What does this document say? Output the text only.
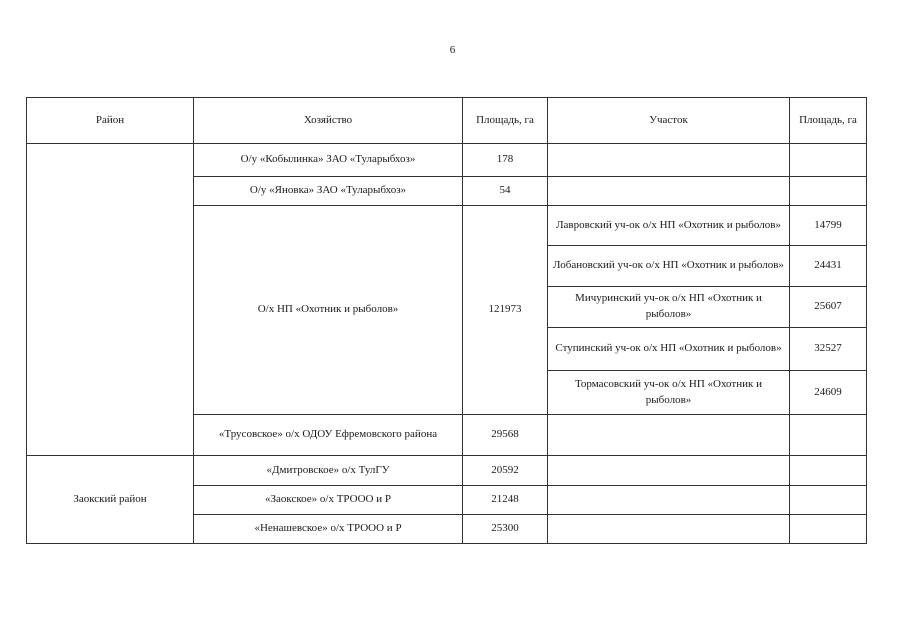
6
Район	Хозяйство	Площадь, га	Участок	Площадь, га
	О/у «Кобылинка» ЗАО «Туларыбхоз»	178		
	О/у «Яновка» ЗАО «Туларыбхоз»	54		
	О/х НП «Охотник и рыболов»	121973	Лавровский уч-ок о/х НП «Охотник и рыболов»	14799
			Лобановский уч-ок о/х НП «Охотник и рыболов»	24431
			Мичуринский уч-ок о/х НП «Охотник и рыболов»	25607
			Ступинский уч-ок о/х НП «Охотник и рыболов»	32527
			Тормасовский уч-ок о/х НП «Охотник и рыболов»	24609
	«Трусовское» о/х ОДОУ Ефремовского района	29568		
Заокский район	«Дмитровское» о/х ТулГУ	20592		
	«Заокское» о/х ТРООО и Р	21248		
	«Ненашевское» о/х ТРООО и Р	25300		
